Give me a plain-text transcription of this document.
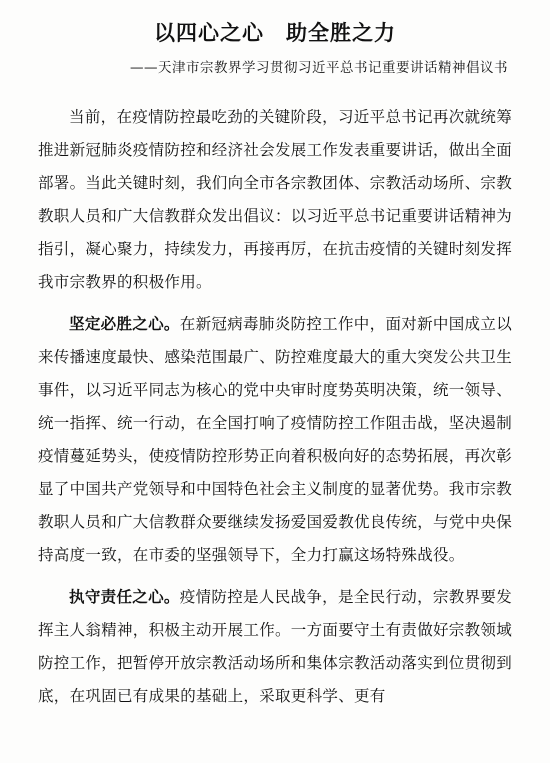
以四心之心　助全胜之力
——天津市宗教界学习贯彻习近平总书记重要讲话精神倡议书

当前，在疫情防控最吃劲的关键阶段，习近平总书记再次就统筹推进新冠肺炎疫情防控和经济社会发展工作发表重要讲话，做出全面部署。当此关键时刻，我们向全市各宗教团体、宗教活动场所、宗教教职人员和广大信教群众发出倡议：以习近平总书记重要讲话精神为指引，凝心聚力，持续发力，再接再厉，在抗击疫情的关键时刻发挥我市宗教界的积极作用。

坚定必胜之心。在新冠病毒肺炎防控工作中，面对新中国成立以来传播速度最快、感染范围最广、防控难度最大的重大突发公共卫生事件，以习近平同志为核心的党中央审时度势英明决策，统一领导、统一指挥、统一行动，在全国打响了疫情防控工作阻击战，坚决遏制疫情蔓延势头，使疫情防控形势正向着积极向好的态势拓展，再次彰显了中国共产党领导和中国特色社会主义制度的显著优势。我市宗教教职人员和广大信教群众要继续发扬爱国爱教优良传统，与党中央保持高度一致，在市委的坚强领导下，全力打赢这场特殊战役。

执守责任之心。疫情防控是人民战争，是全民行动，宗教界要发挥主人翁精神，积极主动开展工作。一方面要守土有责做好宗教领域防控工作，把暂停开放宗教活动场所和集体宗教活动落实到位贯彻到底，在巩固已有成果的基础上，采取更科学、更有
